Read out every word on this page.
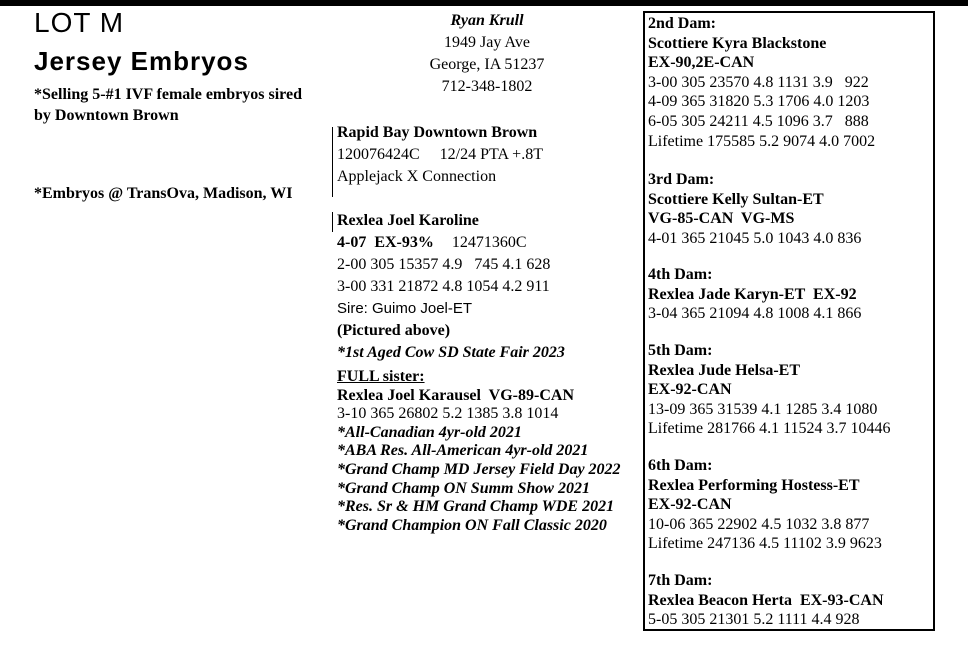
LOT M
Jersey Embryos
*Selling 5-#1 IVF female embryos sired by Downtown Brown
*Embryos @ TransOva, Madison, WI
Ryan Krull
1949 Jay Ave
George, IA 51237
712-348-1802
Rapid Bay Downtown Brown
120076424C     12/24 PTA +.8T
Applejack X Connection
Rexlea Joel Karoline
4-07  EX-93% 12471360C
2-00 305 15357 4.9   745 4.1 628
3-00 331 21872 4.8 1054 4.2 911
Sire: Guimo Joel-ET
(Pictured above)
*1st Aged Cow SD State Fair 2023
FULL sister:
Rexlea Joel Karausel  VG-89-CAN
3-10 365 26802 5.2 1385 3.8 1014
*All-Canadian 4yr-old 2021
*ABA Res. All-American 4yr-old 2021
*Grand Champ MD Jersey Field Day 2022
*Grand Champ ON Summ Show 2021
*Res. Sr & HM Grand Champ WDE 2021
*Grand Champion ON Fall Classic 2020
2nd Dam:
Scottiere Kyra Blackstone
EX-90,2E-CAN
3-00 305 23570 4.8 1131 3.9   922
4-09 365 31820 5.3 1706 4.0 1203
6-05 305 24211 4.5 1096 3.7   888
Lifetime 175585 5.2 9074 4.0 7002
3rd Dam:
Scottiere Kelly Sultan-ET
VG-85-CAN  VG-MS
4-01 365 21045 5.0 1043 4.0 836
4th Dam:
Rexlea Jade Karyn-ET  EX-92
3-04 365 21094 4.8 1008 4.1 866
5th Dam:
Rexlea Jude Helsa-ET
EX-92-CAN
13-09 365 31539 4.1 1285 3.4 1080
Lifetime 281766 4.1 11524 3.7 10446
6th Dam:
Rexlea Performing Hostess-ET
EX-92-CAN
10-06 365 22902 4.5 1032 3.8 877
Lifetime 247136 4.5 11102 3.9 9623
7th Dam:
Rexlea Beacon Herta  EX-93-CAN
5-05 305 21301 5.2 1111 4.4 928
